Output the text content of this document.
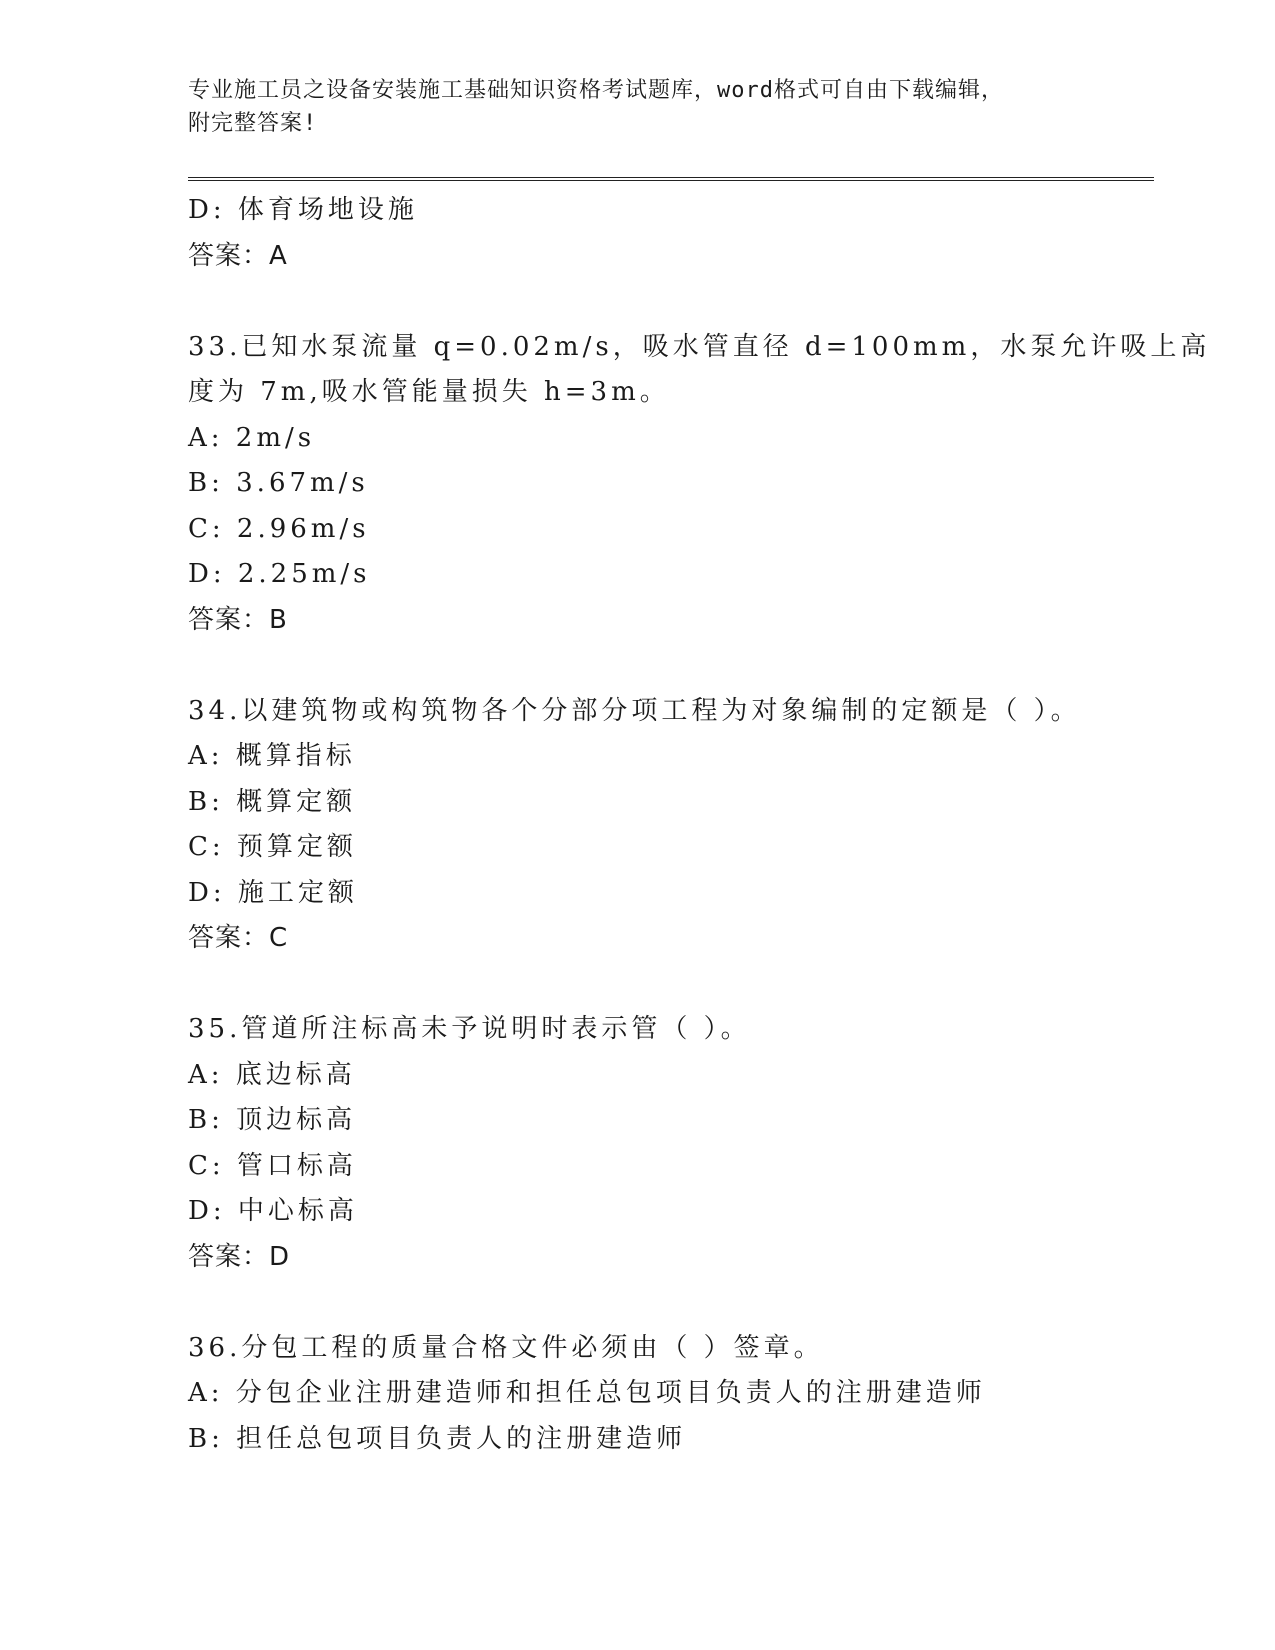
专业施工员之设备安装施工基础知识资格考试题库，word格式可自由下载编辑，
附完整答案!
D: 体育场地设施
答案：A
33.已知水泵流量 q=0.02m/s，吸水管直径 d=100mm，水泵允许吸上高
度为 7m,吸水管能量损失 h=3m。
A: 2m/s
B: 3.67m/s
C: 2.96m/s
D: 2.25m/s
答案：B
34.以建筑物或构筑物各个分部分项工程为对象编制的定额是（ ）。
A: 概算指标
B: 概算定额
C: 预算定额
D: 施工定额
答案：C
35.管道所注标高未予说明时表示管（ ）。
A: 底边标高
B: 顶边标高
C: 管口标高
D: 中心标高
答案：D
36.分包工程的质量合格文件必须由（ ）签章。
A: 分包企业注册建造师和担任总包项目负责人的注册建造师
B: 担任总包项目负责人的注册建造师
